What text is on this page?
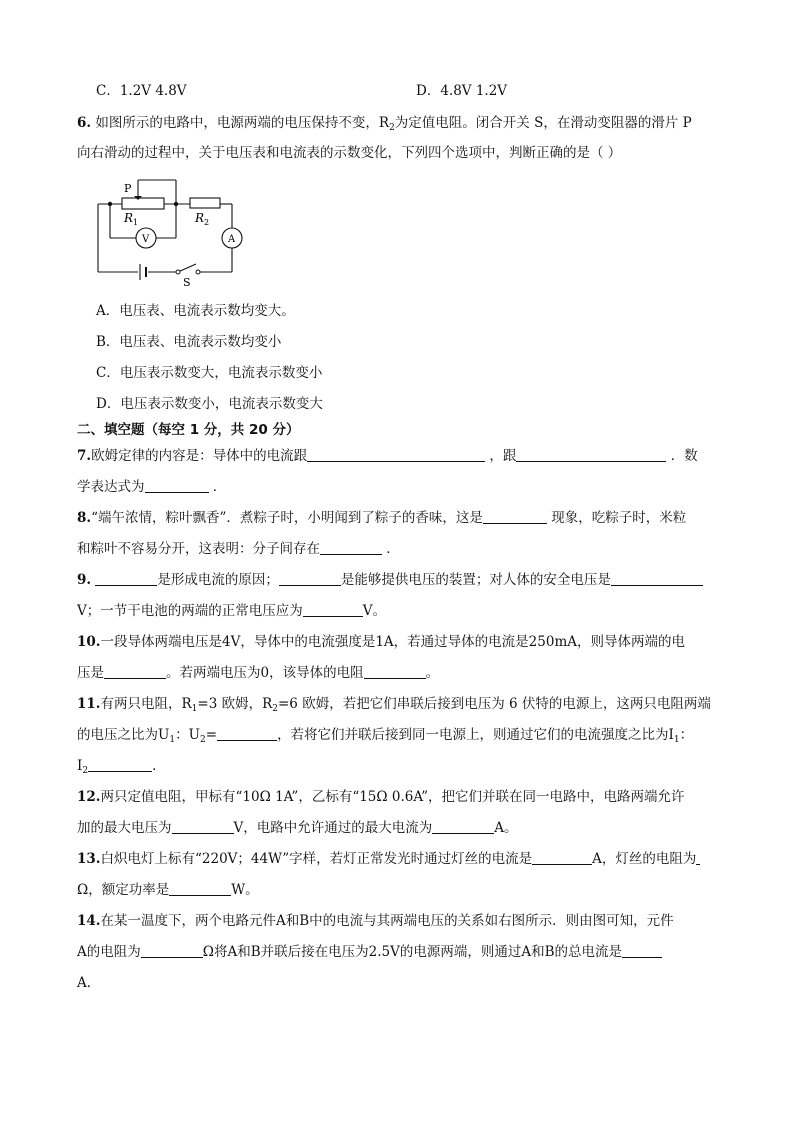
C．1.2V 4.8V	D．4.8V 1.2V
6. 如图所示的电路中，电源两端的电压保持不变，$R_2$为定值电阻。闭合开关 S，在滑动变阻器的滑片 P
向右滑动的过程中，关于电压表和电流表的示数变化，下列四个选项中，判断正确的是（ ）
P
R 1	R 2
V	A
S
A．电压表、电流表示数均变大。
B．电压表、电流表示数均变小
C．电压表示数变大，电流表示数变小
D．电压表示数变小，电流表示数变大
二、填空题（每空 1 分，共 20 分）
7.欧姆定律的内容是：导体中的电流跟	，跟	．数
学表达式为	．
8.“端午浓情，粽叶飘香”．煮粽子时，小明闻到了粽子的香味，这是	现象，吃粽子时，米粒
和粽叶不容易分开，这表明：分子间存在	．
9.	是形成电流的原因；	是能够提供电压的装置；对人体的安全电压是
V；一节干电池的两端的正常电压应为	V。
10.一段导体两端电压是4V，导体中的电流强度是1A，若通过导体的电流是250mA，则导体两端的电
压是	。若两端电压为0，该导体的电阻	。
11.有两只电阻，$R_1=3$ 欧姆，$R_2=6$ 欧姆，若把它们串联后接到电压为 6 伏特的电源上，这两只电阻两端
的电压之比为$U_1$：$U_2=$	，若将它们并联后接到同一电源上，则通过它们的电流强度之比为$I_1$：
$I_2$	．
12.两只定值电阻，甲标有“10Ω 1A”，乙标有“15Ω 0.6A”，把它们并联在同一电路中，电路两端允许
加的最大电压为	V，电路中允许通过的最大电流为	A。
13.白炽电灯上标有“220V；44W”字样，若灯正常发光时通过灯丝的电流是	A，灯丝的电阻为
Ω，额定功率是	W。
14.在某一温度下，两个电路元件A和B中的电流与其两端电压的关系如右图所示．则由图可知，元件
A的电阻为	Ω将A和B并联后接在电压为2.5V的电源两端，则通过A和B的总电流是
A．
